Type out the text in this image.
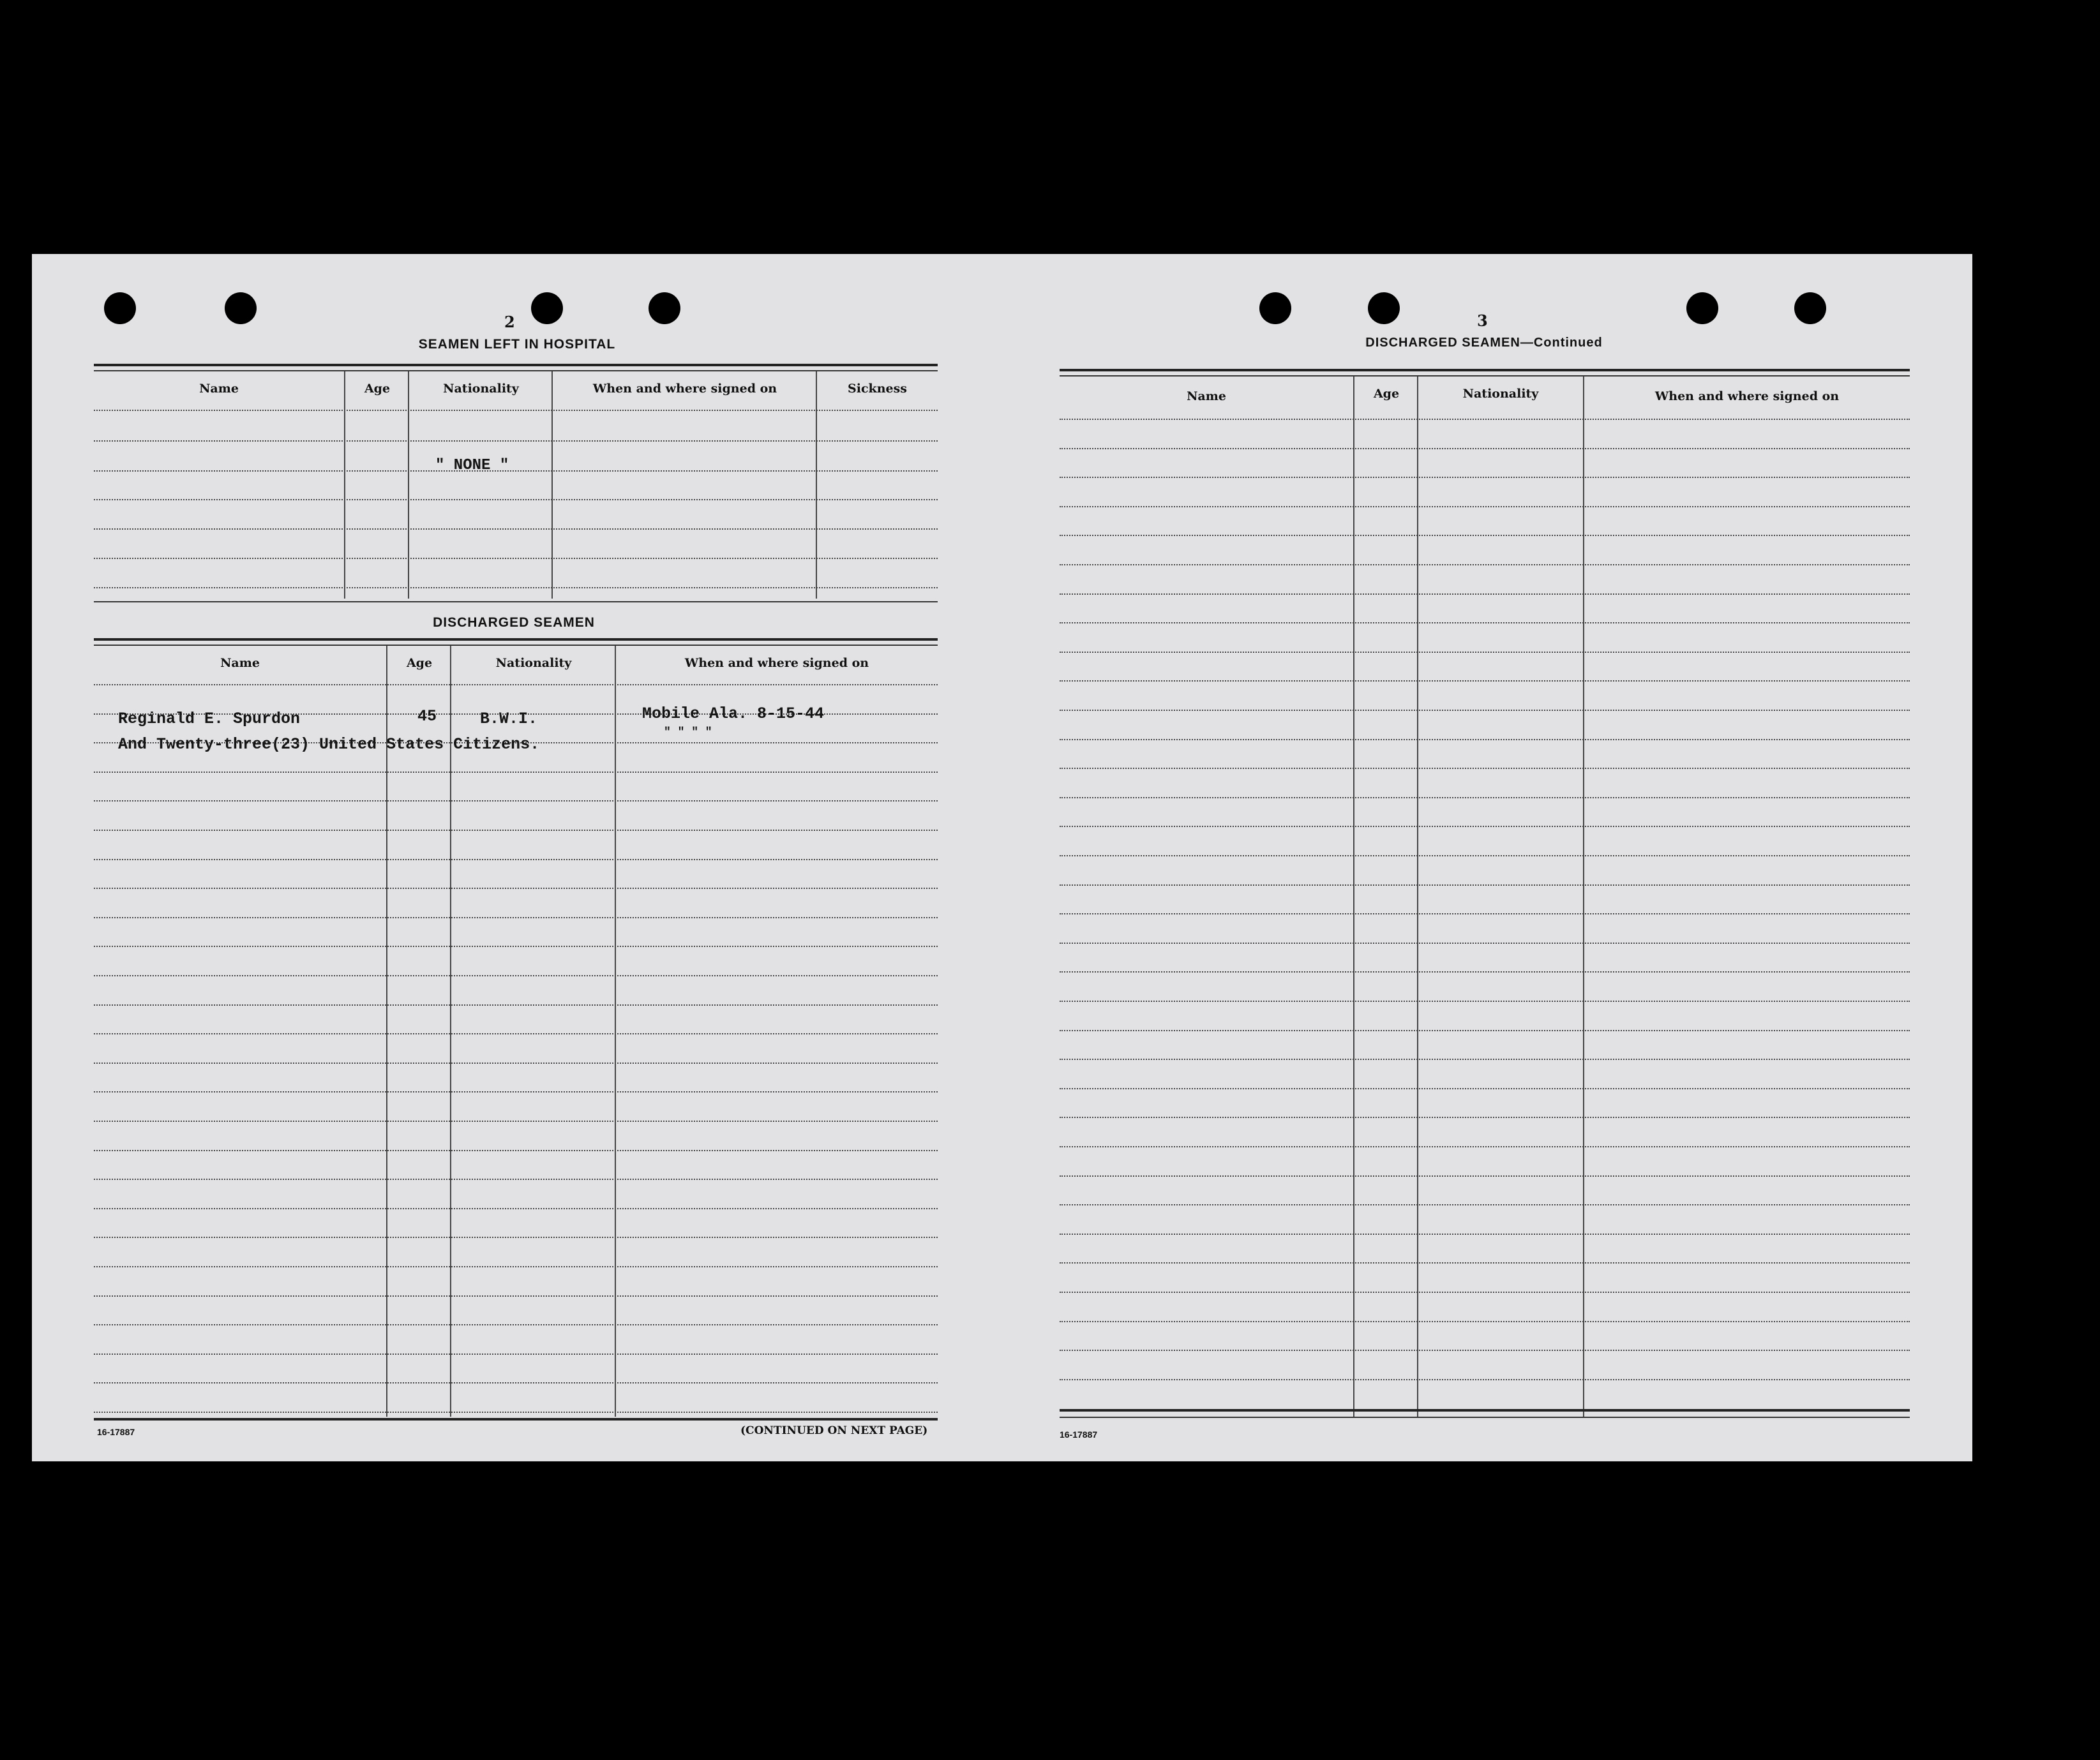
2
SEAMEN LEFT IN HOSPITAL
Name	Age	Nationality	When and where signed on	Sickness
" NONE "
DISCHARGED SEAMEN
Name	Age	Nationality	When and where signed on
Reginald E. Spurdon	45	B.W.I.	Mobile Ala. 8-15-44
And Twenty-three(23) United States Citizens.
" " " "
16-17887	(CONTINUED ON NEXT PAGE)
3
DISCHARGED SEAMEN—Continued
Name	Age	Nationality	When and where signed on
16-17887
